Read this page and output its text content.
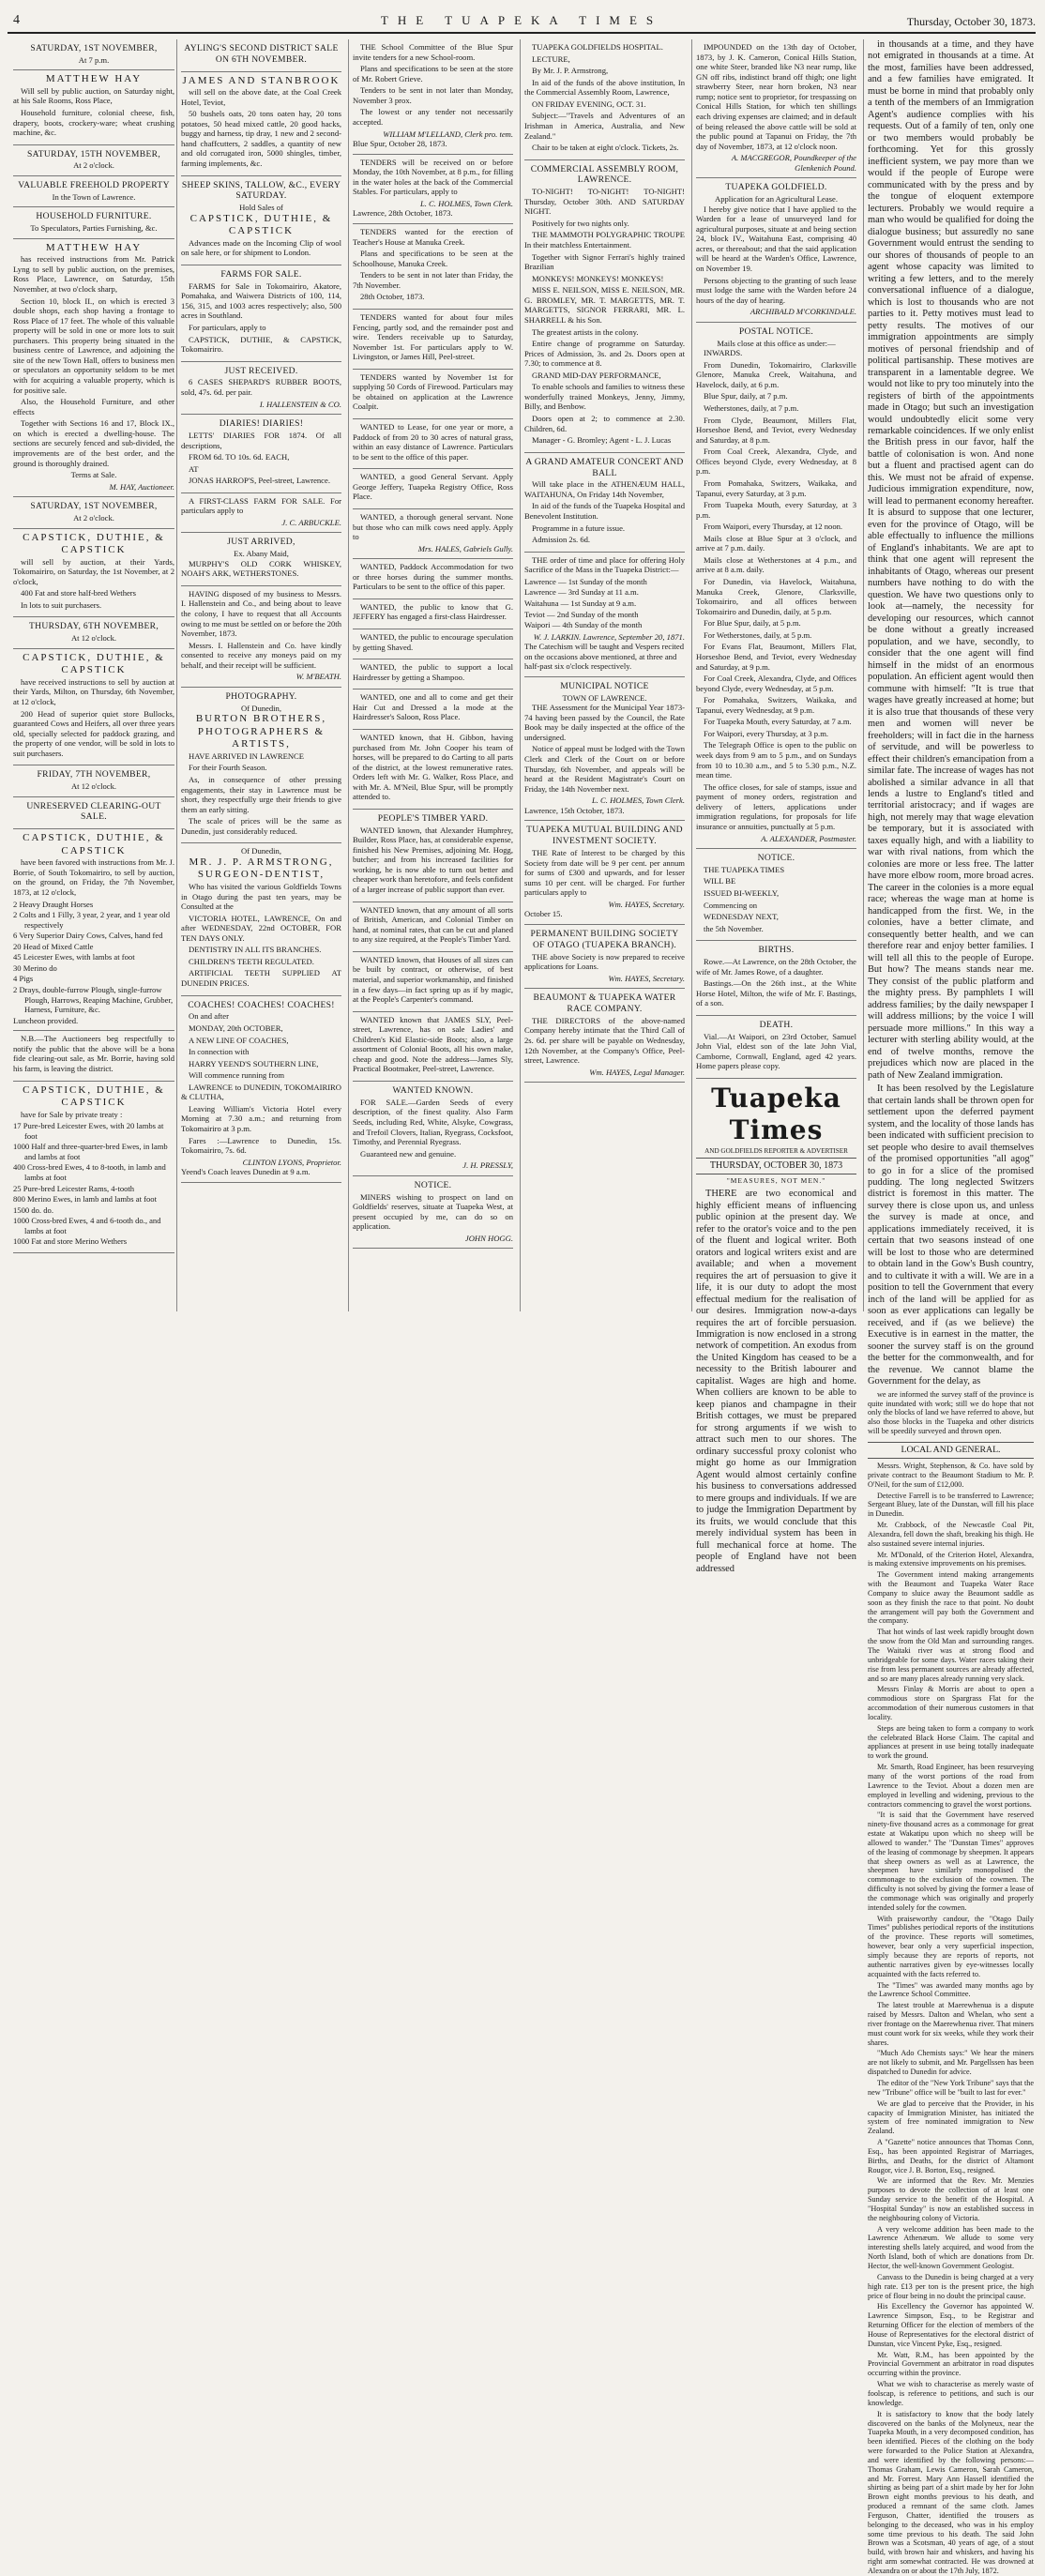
4	THE TUAPEKA TIMES	Thursday, October 30, 1873.
SATURDAY, 1ST NOVEMBER,
At 7 p.m.
MATTHEW HAY

Will sell by public auction, on Saturday night, at his Sale Rooms, Ross Place,

Household furniture, colonial cheese, fish, drapery, boots, crockery-ware; wheat crushing machine, &c.

SATURDAY, 15TH NOVEMBER,
At 2 o'clock.
VALUABLE FREEHOLD PROPERTY
In the Town of Lawrence.
HOUSEHOLD FURNITURE.
To Speculators, Parties Furnishing, &c.
MATTHEW HAY

has received instructions from Mr. Patrick Lyng to sell by public auction, on the premises, Ross Place, Lawrence, on Saturday, 15th November, at two o'clock sharp,

Section 10, block II., on which is erected 3 double shops, each shop having a frontage to Ross Place of 17 feet. The whole of this valuable property will be sold in one or more lots to suit purchasers. This property being situated in the business centre of Lawrence, and adjoining the site of the new Town Hall, offers to business men or speculators an opportunity seldom to be met with for acquiring a valuable property, which is for positive sale.

Also, the Household Furniture, and other effects

Together with Sections 16 and 17, Block IX., on which is erected a dwelling-house. The sections are securely fenced and sub-divided, the improvements are of the best order, and the ground is thoroughly drained.

Terms at Sale.
M. HAY, Auctioneer.
SATURDAY, 1ST NOVEMBER,
At 2 o'clock.
CAPSTICK, DUTHIE, & CAPSTICK

will sell by auction, at their Yards, Tokomairiro, on Saturday, the 1st November, at 2 o'clock,

400 Fat and store half-bred Wethers

In lots to suit purchasers.

THURSDAY, 6TH NOVEMBER,
At 12 o'clock.
CAPSTICK, DUTHIE, & CAPSTICK

have received instructions to sell by auction at their Yards, Milton, on Thursday, 6th November, at 12 o'clock,

200 Head of superior quiet store Bullocks, guaranteed Cows and Heifers, all over three years old, specially selected for paddock grazing, and the property of one vendor, will be sold in lots to suit purchasers.

FRIDAY, 7TH NOVEMBER,
At 12 o'clock.
UNRESERVED CLEARING-OUT SALE.
CAPSTICK, DUTHIE, & CAPSTICK

have been favored with instructions from Mr. J. Borrie, of South Tokomairiro, to sell by auction, on the ground, on Friday, the 7th November, 1873, at 12 o'clock,

2 Heavy Draught Horses
2 Colts and 1 Filly, 3 year, 2 year, and 1 year old respectively
6 Very Superior Dairy Cows, Calves, hand fed
20 Head of Mixed Cattle
45 Leicester Ewes, with lambs at foot
30 Merino do
4 Pigs
2 Drays, double-furrow Plough, single-furrow Plough, Harrows, Reaping Machine, Grubber, Harness, Furniture, &c.
Luncheon provided.

N.B.—The Auctioneers beg respectfully to notify the public that the above will be a bona fide clearing-out sale, as Mr. Borrie, having sold his farm, is leaving the district.

CAPSTICK, DUTHIE, & CAPSTICK

have for Sale by private treaty :

17 Pure-bred Leicester Ewes, with 20 lambs at foot
1000 Half and three-quarter-bred Ewes, in lamb and lambs at foot
400 Cross-bred Ewes, 4 to 8-tooth, in lamb and lambs at foot
25 Pure-bred Leicester Rams, 4-tooth
800 Merino Ewes, in lamb and lambs at foot
1500 do. do.
1000 Cross-bred Ewes, 4 and 6-tooth do., and lambs at foot
1000 Fat and store Merino Wethers
AYLING'S SECOND DISTRICT SALE ON 6TH NOVEMBER.
JAMES AND STANBROOK

will sell on the above date, at the Coal Creek Hotel, Teviot,

50 bushels oats, 20 tons oaten hay, 20 tons potatoes, 50 head mixed cattle, 20 good hacks, buggy and harness, tip dray, 1 new and 2 second-hand chaffcutters, 2 saddles, a quantity of new and old corrugated iron, 5000 shingles, timber, farming implements, &c.

SHEEP SKINS, TALLOW, &C., EVERY SATURDAY.
Hold Sales of
CAPSTICK, DUTHIE, & CAPSTICK

Advances made on the Incoming Clip of wool on sale here, or for shipment to London.

FARMS FOR SALE.

FARMS for Sale in Tokomairiro, Akatore, Pomahaka, and Waiwera Districts of 100, 114, 156, 315, and 1003 acres respectively; also, 500 acres in Southland.

For particulars, apply to

CAPSTICK, DUTHIE, & CAPSTICK, Tokomairiro.

JUST RECEIVED.

6 CASES SHEPARD'S RUBBER BOOTS, sold, 47s. 6d. per pair.

I. HALLENSTEIN & CO.
DIARIES! DIARIES!

LETTS' DIARIES FOR 1874. Of all descriptions,

FROM 6d. TO 10s. 6d. EACH,

AT

JONAS HARROP'S, Peel-street, Lawrence.

A FIRST-CLASS FARM FOR SALE. For particulars apply to

J. C. ARBUCKLE.
JUST ARRIVED,
Ex. Abany Maid,

MURPHY'S OLD CORK WHISKEY, NOAH'S ARK, WETHERSTONES.

HAVING disposed of my business to Messrs. I. Hallenstein and Co., and being about to leave the colony, I have to request that all Accounts owing to me must be settled on or before the 20th November, 1873.

Messrs. I. Hallenstein and Co. have kindly consented to receive any moneys paid on my behalf, and their receipt will be sufficient.

W. M'BEATH.
PHOTOGRAPHY.
Of Dunedin,
BURTON BROTHERS, PHOTOGRAPHERS & ARTISTS,

HAVE ARRIVED IN LAWRENCE

For their Fourth Season.

As, in consequence of other pressing engagements, their stay in Lawrence must be short, they respectfully urge their friends to give them an early sitting.

The scale of prices will be the same as Dunedin, just considerably reduced.

Of Dunedin,
MR. J. P. ARMSTRONG, SURGEON-DENTIST,

Who has visited the various Goldfields Towns in Otago during the past ten years, may be Consulted at the

VICTORIA HOTEL, LAWRENCE, On and after WEDNESDAY, 22nd OCTOBER, FOR TEN DAYS ONLY.

DENTISTRY IN ALL ITS BRANCHES.

CHILDREN'S TEETH REGULATED.

ARTIFICIAL TEETH SUPPLIED AT DUNEDIN PRICES.

COACHES! COACHES! COACHES!

On and after

MONDAY, 20th OCTOBER,

A NEW LINE OF COACHES,

In connection with

HARRY YEEND'S SOUTHERN LINE,

Will commence running from

LAWRENCE to DUNEDIN, TOKOMAIRIRO & CLUTHA,

Leaving William's Victoria Hotel every Morning at 7.30 a.m.; and returning from Tokomairiro at 3 p.m.

Fares :—Lawrence to Dunedin, 15s. Tokomairiro, 7s. 6d.

CLINTON LYONS, Proprietor.
Yeend's Coach leaves Dunedin at 9 a.m.

THE School Committee of the Blue Spur invite tenders for a new School-room.

Plans and specifications to be seen at the store of Mr. Robert Grieve.

Tenders to be sent in not later than Monday, November 3 prox.

The lowest or any tender not necessarily accepted.

WILLIAM M'LELLAND, Clerk pro. tem.
Blue Spur, October 28, 1873.

TENDERS will be received on or before Monday, the 10th November, at 8 p.m., for filling in the water holes at the back of the Commercial Stables. For particulars, apply to

L. C. HOLMES, Town Clerk.
Lawrence, 28th October, 1873.

TENDERS wanted for the erection of Teacher's House at Manuka Creek.

Plans and specifications to be seen at the Schoolhouse, Manuka Creek.

Tenders to be sent in not later than Friday, the 7th November.

28th October, 1873.

TENDERS wanted for about four miles Fencing, partly sod, and the remainder post and wire. Tenders receivable up to Saturday, November 1st. For particulars apply to W. Livingston, or James Hill, Peel-street.

TENDERS wanted by November 1st for supplying 50 Cords of Firewood. Particulars may be obtained on application at the Lawrence Coalpit.

WANTED to Lease, for one year or more, a Paddock of from 20 to 30 acres of natural grass, within an easy distance of Lawrence. Particulars to be sent to the office of this paper.

WANTED, a good General Servant. Apply George Jeffery, Tuapeka Registry Office, Ross Place.

WANTED, a thorough general servant. None but those who can milk cows need apply. Apply to

Mrs. HALES, Gabriels Gully.

WANTED, Paddock Accommodation for two or three horses during the summer months. Particulars to be sent to the office of this paper.

WANTED, the public to know that G. JEFFERY has engaged a first-class Hairdresser.

WANTED, the public to encourage speculation by getting Shaved.

WANTED, the public to support a local Hairdresser by getting a Shampoo.

WANTED, one and all to come and get their Hair Cut and Dressed a la mode at the Hairdresser's Saloon, Ross Place.

WANTED known, that H. Gibbon, having purchased from Mr. John Cooper his team of horses, will be prepared to do Carting to all parts of the district, at the lowest remunerative rates. Orders left with Mr. G. Walker, Ross Place, and with Mr. A. M'Neil, Blue Spur, will be promptly attended to.

PEOPLE'S TIMBER YARD.

WANTED known, that Alexander Humphrey, Builder, Ross Place, has, at considerable expense, finished his New Premises, adjoining Mr. Hogg, butcher; and from his increased facilities for working, he is now able to turn out better and cheaper work than heretofore, and feels confident of a larger increase of public support than ever.

WANTED known, that any amount of all sorts of British, American, and Colonial Timber on hand, at nominal rates, that can be cut and planed to any size required, at the People's Timber Yard.

WANTED known, that Houses of all sizes can be built by contract, or otherwise, of best material, and superior workmanship, and finished in a few days—in fact spring up as if by magic, at the People's Carpenter's command.

WANTED known that JAMES SLY, Peel-street, Lawrence, has on sale Ladies' and Children's Kid Elastic-side Boots; also, a large assortment of Colonial Boots, all his own make, cheap and good. Note the address—James Sly, Practical Bootmaker, Peel-street, Lawrence.

WANTED KNOWN.

FOR SALE.—Garden Seeds of every description, of the finest quality. Also Farm Seeds, including Red, White, Alsyke, Cowgrass, and Trefoil Clovers, Italian, Ryegrass, Cocksfoot, Timothy, and Perennial Ryegrass.

Guaranteed new and genuine.

J. H. PRESSLY,
NOTICE.

MINERS wishing to prospect on land on Goldfields' reserves, situate at Tuapeka West, at present occupied by me, can do so on application.

JOHN HOGG.

TUAPEKA GOLDFIELDS HOSPITAL.

LECTURE,

By Mr. J. P. Armstrong,

In aid of the funds of the above institution, In the Commercial Assembly Room, Lawrence,

ON FRIDAY EVENING, OCT. 31.

Subject:—"Travels and Adventures of an Irishman in America, Australia, and New Zealand."

Chair to be taken at eight o'clock. Tickets, 2s.

COMMERCIAL ASSEMBLY ROOM, LAWRENCE.

TO-NIGHT! TO-NIGHT! TO-NIGHT! Thursday, October 30th. AND SATURDAY NIGHT.

Positively for two nights only.

THE MAMMOTH POLYGRAPHIC TROUPE In their matchless Entertainment.

Together with Signor Ferrari's highly trained Brazilian

MONKEYS! MONKEYS! MONKEYS!

MISS E. NEILSON, MISS E. NEILSON, MR. G. BROMLEY, MR. T. MARGETTS, MR. T. MARGETTS, SIGNOR FERRARI, MR. L. SHARRELL & his Son.

The greatest artists in the colony.

Entire change of programme on Saturday. Prices of Admission, 3s. and 2s. Doors open at 7.30; to commence at 8.

GRAND MID-DAY PERFORMANCE,

To enable schools and families to witness these wonderfully trained Monkeys, Jenny, Jimmy, Billy, and Benbow.

Doors open at 2; to commence at 2.30. Children, 6d.

Manager - G. Bromley; Agent - L. J. Lucas

A GRAND AMATEUR CONCERT AND BALL

Will take place in the ATHENÆUM HALL, WAITAHUNA, On Friday 14th November,

In aid of the funds of the Tuapeka Hospital and Benevolent Institution.

Programme in a future issue.

Admission 2s. 6d.

THE order of time and place for offering Holy Sacrifice of the Mass in the Tuapeka District:—

Lawrence — 1st Sunday of the month
Lawrence — 3rd Sunday at 11 a.m.
Waitahuna — 1st Sunday at 9 a.m.
Teviot — 2nd Sunday of the month
Waipori — 4th Sunday of the month
W. J. LARKIN. Lawrence, September 20, 1871.
The Catechism will be taught and Vespers recited on the occasions above mentioned, at three and half-past six o'clock respectively.
MUNICIPAL NOTICE
TOWN OF LAWRENCE.

THE Assessment for the Municipal Year 1873-74 having been passed by the Council, the Rate Book may be daily inspected at the office of the undersigned.

Notice of appeal must be lodged with the Town Clerk and Clerk of the Court on or before Thursday, 6th November, and appeals will be heard at the Resident Magistrate's Court on Friday, the 14th November next.

L. C. HOLMES, Town Clerk.
Lawrence, 15th October, 1873.
TUAPEKA MUTUAL BUILDING AND INVESTMENT SOCIETY.

THE Rate of Interest to be charged by this Society from date will be 9 per cent. per annum for sums of £300 and upwards, and for lesser sums 10 per cent. will be charged. For further particulars apply to

Wm. HAYES, Secretary.
October 15.
PERMANENT BUILDING SOCIETY OF OTAGO (TUAPEKA BRANCH).

THE above Society is now prepared to receive applications for Loans.

Wm. HAYES, Secretary.
BEAUMONT & TUAPEKA WATER RACE COMPANY.

THE DIRECTORS of the above-named Company hereby intimate that the Third Call of 2s. 6d. per share will be payable on Wednesday, 12th November, at the Company's Office, Peel-street, Lawrence.

Wm. HAYES, Legal Manager.

IMPOUNDED on the 13th day of October, 1873, by J. K. Cameron, Conical Hills Station, one white Steer, branded like N3 near rump, like GN off ribs, indistinct brand off thigh; one light strawberry Steer, near horn broken, N3 near rump; notice sent to proprietor, for trespassing on Conical Hills Station, for which ten shillings each driving expenses are claimed; and in default of being released the above cattle will be sold at the public pound at Tapanui on Friday, the 7th day of November, 1873, at 12 o'clock noon.

A. MACGREGOR, Poundkeeper of the Glenkenich Pound.
TUAPEKA GOLDFIELD.
Application for an Agricultural Lease.

I hereby give notice that I have applied to the Warden for a lease of unsurveyed land for agricultural purposes, situate at and being section 24, block IV., Waitahuna East, comprising 40 acres, or thereabout; and that the said application will be heard at the Warden's Office, Lawrence, on November 19.

Persons objecting to the granting of such lease must lodge the same with the Warden before 24 hours of the day of hearing.

ARCHIBALD M'CORKINDALE.
POSTAL NOTICE.
Mails close at this office as under:—

INWARDS.

From Dunedin, Tokomairiro, Clarksville Glenore, Manuka Creek, Waitahuna, and Havelock, daily, at 6 p.m.

Blue Spur, daily, at 7 p.m.

Wetherstones, daily, at 7 p.m.

From Clyde, Beaumont, Millers Flat, Horseshoe Bend, and Teviot, every Wednesday and Saturday, at 8 p.m.

From Coal Creek, Alexandra, Clyde, and Offices beyond Clyde, every Wednesday, at 8 p.m.

From Pomahaka, Switzers, Waikaka, and Tapanui, every Saturday, at 3 p.m.

From Tuapeka Mouth, every Saturday, at 3 p.m.

From Waipori, every Thursday, at 12 noon.

Mails close at Blue Spur at 3 o'clock, and arrive at 7 p.m. daily.

Mails close at Wetherstones at 4 p.m., and arrive at 8 a.m. daily.

For Dunedin, via Havelock, Waitahuna, Manuka Creek, Glenore, Clarksville, Tokomairiro, and all offices between Tokomairiro and Dunedin, daily, at 5 p.m.

For Blue Spur, daily, at 5 p.m.

For Wetherstones, daily, at 5 p.m.

For Evans Flat, Beaumont, Millers Flat, Horseshoe Bend, and Teviot, every Wednesday and Saturday, at 9 p.m.

For Coal Creek, Alexandra, Clyde, and Offices beyond Clyde, every Wednesday, at 5 p.m.

For Pomahaka, Switzers, Waikaka, and Tapanui, every Wednesday, at 9 p.m.

For Tuapeka Mouth, every Saturday, at 7 a.m.

For Waipori, every Thursday, at 3 p.m.

The Telegraph Office is open to the public on week days from 9 am to 5 p.m., and on Sundays from 10 to 10.30 a.m., and 5 to 5.30 p.m., N.Z. mean time.

The office closes, for sale of stamps, issue and payment of money orders, registration and delivery of letters, applications under immigration regulations, for proposals for life insurance or annuities, punctually at 5 p.m.

A. ALEXANDER, Postmaster.
NOTICE.

THE TUAPEKA TIMES

WILL BE

ISSUED BI-WEEKLY,

Commencing on

WEDNESDAY NEXT,

the 5th November.

BIRTHS.

Rowe.—At Lawrence, on the 28th October, the wife of Mr. James Rowe, of a daughter.

Bastings.—On the 26th inst., at the White Horse Hotel, Milton, the wife of Mr. F. Bastings, of a son.

DEATH.

Vial.—At Waipori, on 23rd October, Samuel John Vial, eldest son of the late John Vial, Camborne, Cornwall, England, aged 42 years. Home papers please copy.

Tuapeka Times
AND GOLDFIELDS REPORTER & ADVERTISER
THURSDAY, OCTOBER 30, 1873
"MEASURES, NOT MEN."

THERE are two economical and highly efficient means of influencing public opinion at the present day. We refer to the orator's voice and to the pen of the fluent and logical writer. Both orators and logical writers exist and are available; and when a movement requires the art of persuasion to give it life, it is our duty to adopt the most effectual medium for the realisation of our desires. Immigration now-a-days requires the art of forcible persuasion. Immigration is now enclosed in a strong network of competition. An exodus from the United Kingdom has ceased to be a necessity to the British labourer and capitalist. Wages are high and home. When colliers are known to be able to keep pianos and champagne in their British cottages, we must be prepared for strong arguments if we wish to attract such men to our shores. The ordinary successful proxy colonist who might go home as our Immigration Agent would almost certainly confine his business to conversations addressed to mere groups and individuals. If we are to judge the Immigration Department by its fruits, we would conclude that this merely individual system has been in full mechanical force at home. The people of England have not been addressed

in thousands at a time, and they have not emigrated in thousands at a time. At the most, families have been addressed, and a few families have emigrated. It must be borne in mind that probably only a tenth of the members of an Immigration Agent's audience complies with his requests. Out of a family of ten, only one or two members would probably be forthcoming. Yet for this grossly inefficient system, we pay more than we would if the people of Europe were communicated with by the press and by the tongue of eloquent extempore lecturers. Probably we would require a man who would be qualified for doing the dialogue business; but assuredly no sane Government would entrust the sending to our shores of thousands of people to an agent whose capacity was limited to writing a few letters, and to the merely conversational influence of a dialogue, which is lost to thousands who are not parties to it. Petty motives must lead to petty results. The motives of our immigration appointments are simply motives of personal friendship and of political partisanship. These motives are transparent in a lamentable degree. We would not like to pry too minutely into the registers of birth of the appointments made in Otago; but such an investigation would undoubtedly elicit some very remarkable coincidences. If we only enlist the British press in our favor, half the battle of colonisation is won. And none but a fluent and practised agent can do this. We must not be afraid of expense. Judicious immigration expenditure, now, will lead to permanent economy hereafter. It is absurd to suppose that one lecturer, even for the province of Otago, will be able effectually to influence the millions of England's inhabitants. We are apt to think that one agent will represent the inhabitants of Otago, whereas our present numbers have nothing to do with the question. We have two questions only to look at—namely, the necessity for developing our resources, which cannot be done without a greatly increased population, and we have, secondly, to consider that the one agent will find himself in the midst of an enormous population. An efficient agent would then commune with himself: "It is true that wages have greatly increased at home; but it is also true that thousands of these very men and women will never be freeholders; will in fact die in the harness of servitude, and will be powerless to effect their children's emancipation from a similar fate. The increase of wages has not abolished a similar advance in all that lends a lustre to England's titled and territorial aristocracy; and if wages are high, not merely may that wage elevation be temporary, but it is associated with taxes equally high, and with a liability to war with rival nations, from which the colonies are more or less free. The latter have more elbow room, more broad acres. The career in the colonies is a more equal race; whereas the wage man at home is handicapped from the first. We, in the colonies, have a better climate, and consequently better health, and we can therefore rear and enjoy better families. I will tell all this to the people of Europe. But how? The means stands near me. They consist of the public platform and the mighty press. By pamphlets I will address families; by the daily newspaper I will address millions; by the voice I will persuade more millions." In this way a lecturer with sterling ability would, at the end of twelve months, remove the prejudices which now are placed in the path of New Zealand immigration.

It has been resolved by the Legislature that certain lands shall be thrown open for settlement upon the deferred payment system, and the locality of those lands has been indicated with sufficient precision to set people who desire to avail themselves of the promised opportunities "all agog" to go in for a slice of the promised pudding. The long neglected Switzers district is foremost in this matter. The survey there is close upon us, and unless the survey is made at once, and applications immediately received, it is certain that two seasons instead of one will be lost to those who are determined to obtain land in the Gow's Bush country, and to cultivate it with a will. We are in a position to tell the Government that every inch of the land will be applied for as soon as ever applications can legally be received, and if (as we believe) the Executive is in earnest in the matter, the sooner the survey staff is on the ground the better for the commonwealth, and for the revenue. We cannot blame the Government for the delay, as

we are informed the survey staff of the province is quite inundated with work; still we do hope that not only the blocks of land we have referred to above, but also those blocks in the Tuapeka and other districts will be speedily surveyed and thrown open.

LOCAL AND GENERAL.

Messrs. Wright, Stephenson, & Co. have sold by private contract to the Beaumont Stadium to Mr. P. O'Neil, for the sum of £12,000.

Detective Farrell is to be transferred to Lawrence; Sergeant Bluey, late of the Dunstan, will fill his place in Dunedin.

Mr. Crabbock, of the Newcastle Coal Pit, Alexandra, fell down the shaft, breaking his thigh. He also sustained severe internal injuries.

Mr. M'Donald, of the Criterion Hotel, Alexandra, is making extensive improvements on his premises.

The Government intend making arrangements with the Beaumont and Tuapeka Water Race Company to sluice away the Beaumont saddle as soon as they finish the race to that point. No doubt the arrangement will pay both the Government and the company.

That hot winds of last week rapidly brought down the snow from the Old Man and surrounding ranges. The Waitaki river was at strong flood and unbridgeable for some days. Water races taking their rise from less permanent sources are already affected, and so are many places already running very slack.

Messrs Finlay & Morris are about to open a commodious store on Spargrass Flat for the accommodation of their numerous customers in that locality.

Steps are being taken to form a company to work the celebrated Black Horse Claim. The capital and appliances at present in use being totally inadequate to work the ground.

Mr. Smarth, Road Engineer, has been resurveying many of the worst portions of the road from Lawrence to the Teviot. About a dozen men are employed in levelling and widening, previous to the contractors commencing to gravel the worst portions.

"It is said that the Government have reserved ninety-five thousand acres as a commonage for great estate at Wakatipu upon which no sheep will be allowed to wander." The "Dunstan Times" approves of the leasing of commonage by sheepmen. It appears that sheep owners as well as at Lawrence, the sheepmen have similarly monopolised the commonage to the exclusion of the cowmen. The difficulty is not solved by giving the former a lease of the commonage which was originally and properly intended solely for the cowmen.

With praiseworthy candour, the "Otago Daily Times" publishes periodical reports of the institutions of the province. These reports will sometimes, however, bear only a very superficial inspection, simply because they are reports of reports, not authentic narratives given by eye-witnesses locally acquainted with the facts referred to.

The "Times" was awarded many months ago by the Lawrence School Committee.

The latest trouble at Maerewhenua is a dispute raised by Messrs. Dalton and Whelan, who sent a river frontage on the Maerewhenua river. That miners must count work for six weeks, while they work their shares.

"Much Ado Chemists says:" We hear the miners are not likely to submit, and Mr. Pargellssen has been dispatched to Dunedin for advice.

The editor of the "New York Tribune" says that the new "Tribune" office will be "built to last for ever."

We are glad to perceive that the Provider, in his capacity of Immigration Minister, has initiated the system of free nominated immigration to New Zealand.

A "Gazette" notice announces that Thomas Conn, Esq., has been appointed Registrar of Marriages, Births, and Deaths, for the district of Altamont Rougor, vice J. B. Borton, Esq., resigned.

We are informed that the Rev. Mr. Menzies purposes to devote the collection of at least one Sunday service to the benefit of the Hospital. A "Hospital Sunday" is now an established success in the neighbouring colony of Victoria.

A very welcome addition has been made to the Lawrence Athenæum. We allude to some very interesting shells lately acquired, and wood from the North Island, both of which are donations from Dr. Hector, the well-known Government Geologist.

Canvass to the Dunedin is being charged at a very high rate. £13 per ton is the present price, the high price of flour being in no doubt the principal cause.

His Excellency the Governor has appointed W. Lawrence Simpson, Esq., to be Registrar and Returning Officer for the election of members of the House of Representatives for the electoral district of Dunstan, vice Vincent Pyke, Esq., resigned.

Mr. Watt, R.M., has been appointed by the Provincial Government an arbitrator in road disputes occurring within the province.

What we wish to characterise as merely waste of foolscap, is reference to petitions, and such is our knowledge.

It is satisfactory to know that the body lately discovered on the banks of the Molyneux, near the Tuapeka Mouth, in a very decomposed condition, has been identified. Pieces of the clothing on the body were forwarded to the Police Station at Alexandra, and were identified by the following persons:—Thomas Graham, Lewis Cameron, Sarah Cameron, and Mr. Forrest. Mary Ann Hassell identified the shirting as being part of a shirt made by her for John Brown eight months previous to his death, and produced a remnant of the same cloth. James Ferguson, Chatter, identified the trousers as belonging to the deceased, who was in his employ some time previous to his death. The said John Brown was a Scotsman, 40 years of age, of a stout build, with brown hair and whiskers, and having his right arm somewhat contracted. He was drowned at Alexandra on or about the 17th July, 1872.
